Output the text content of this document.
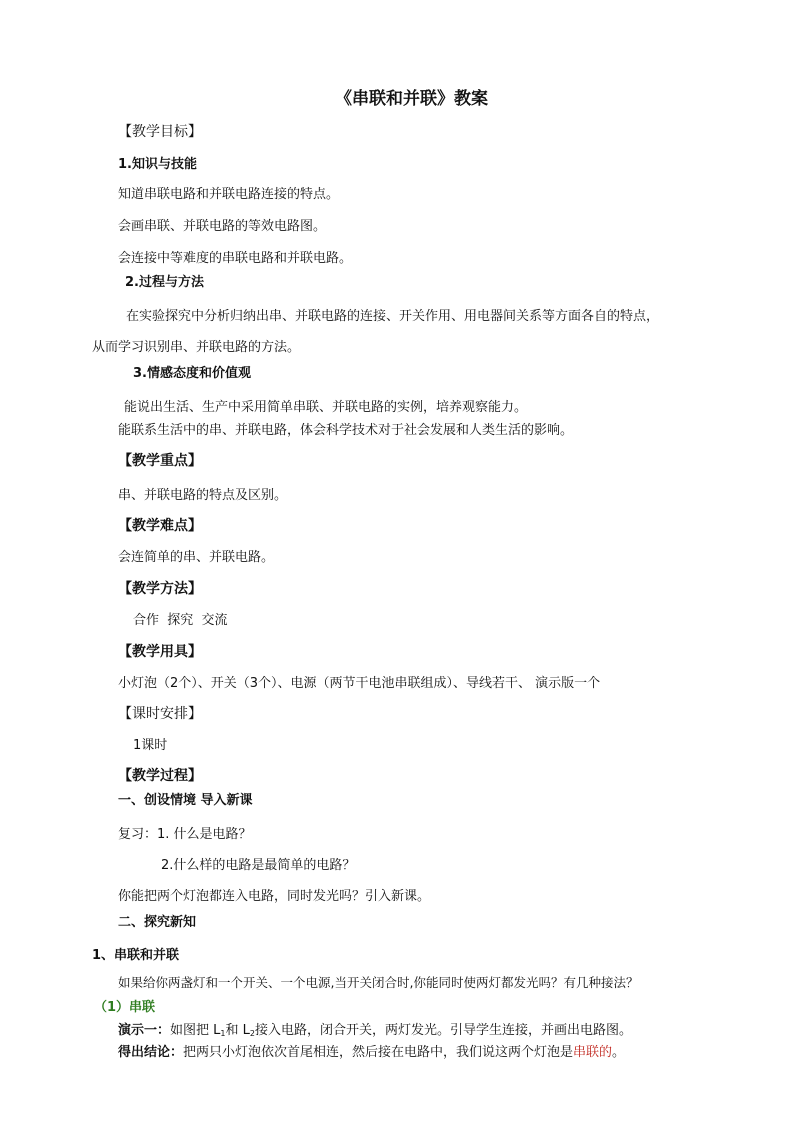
《串联和并联》教案
【教学目标】
1.知识与技能
知道串联电路和并联电路连接的特点。
会画串联、并联电路的等效电路图。
会连接中等难度的串联电路和并联电路。
2.过程与方法
在实验探究中分析归纳出串、并联电路的连接、开关作用、用电器间关系等方面各自的特点，
从而学习识别串、并联电路的方法。
3.情感态度和价值观
能说出生活、生产中采用简单串联、并联电路的实例，培养观察能力。
能联系生活中的串、并联电路，体会科学技术对于社会发展和人类生活的影响。
【教学重点】
串、并联电路的特点及区别。
【教学难点】
会连简单的串、并联电路。
【教学方法】
合作  探究  交流
【教学用具】
小灯泡（2个）、开关（3个）、电源（两节干电池串联组成）、导线若干、 演示版一个
【课时安排】
1课时
【教学过程】
一、创设情境 导入新课
复习：1. 什么是电路？
2.什么样的电路是最简单的电路？
你能把两个灯泡都连入电路，同时发光吗？引入新课。
二、探究新知
1、串联和并联
如果给你两盏灯和一个开关、一个电源,当开关闭合时,你能同时使两灯都发光吗？有几种接法？
（1）串联
演示一：如图把 $L_1$和 $L_2$接入电路，闭合开关，两灯发光。引导学生连接，并画出电路图。
得出结论：把两只小灯泡依次首尾相连，然后接在电路中，我们说这两个灯泡是串联的。
